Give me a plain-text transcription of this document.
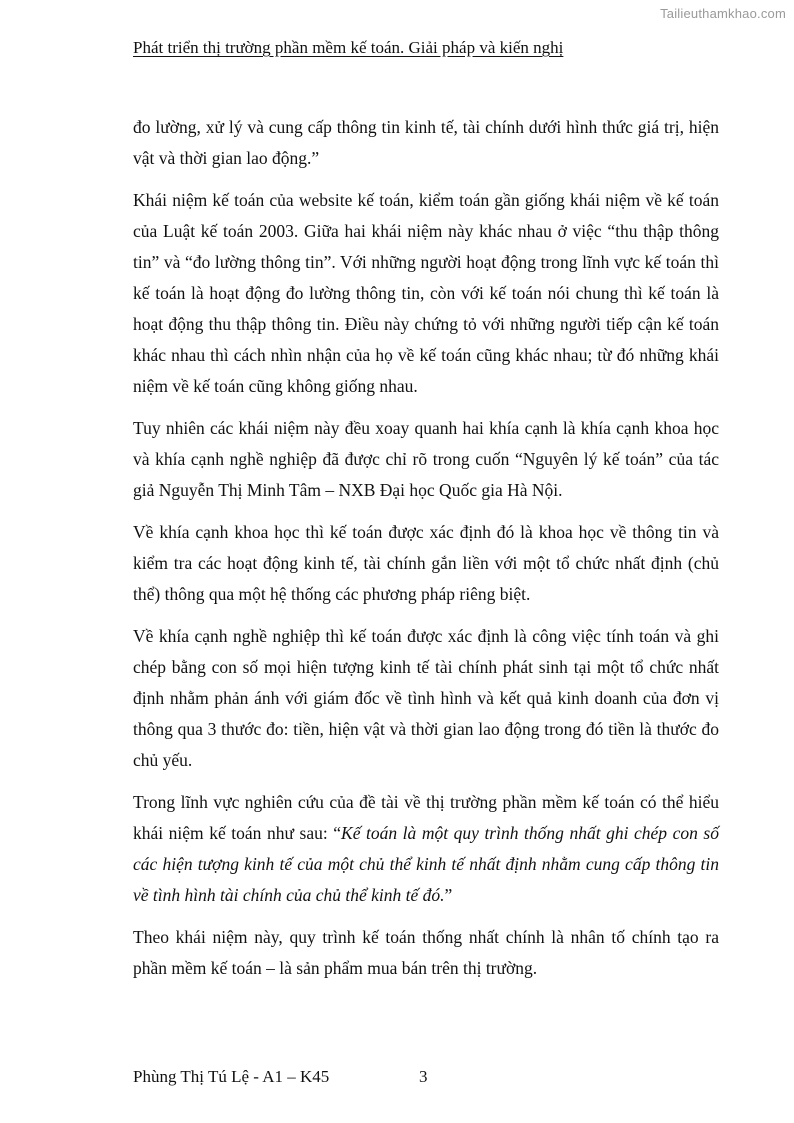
Tailieuthamkhao.com
Phát triển thị trường phần mềm kế toán. Giải pháp và kiến nghị

đo lường, xử lý và cung cấp thông tin kinh tế, tài chính dưới hình thức giá trị, hiện vật và thời gian lao động.”

Khái niệm kế toán của website kế toán, kiểm toán gần giống khái niệm về kế toán của Luật kế toán 2003. Giữa hai khái niệm này khác nhau ở việc “thu thập thông tin” và “đo lường thông tin”. Với những người hoạt động trong lĩnh vực kế toán thì kế toán là hoạt động đo lường thông tin, còn với kế toán nói chung thì kế toán là hoạt động thu thập thông tin. Điều này chứng tỏ với những người tiếp cận kế toán khác nhau thì cách nhìn nhận của họ về kế toán cũng khác nhau; từ đó những khái niệm về kế toán cũng không giống nhau.

Tuy nhiên các khái niệm này đều xoay quanh hai khía cạnh là khía cạnh khoa học và khía cạnh nghề nghiệp đã được chỉ rõ trong cuốn “Nguyên lý kế toán” của tác giả Nguyễn Thị Minh Tâm – NXB Đại học Quốc gia Hà Nội.

Về khía cạnh khoa học thì kế toán được xác định đó là khoa học về thông tin và kiểm tra các hoạt động kinh tế, tài chính gắn liền với một tổ chức nhất định (chủ thể) thông qua một hệ thống các phương pháp riêng biệt.

Về khía cạnh nghề nghiệp thì kế toán được xác định là công việc tính toán và ghi chép bằng con số mọi hiện tượng kinh tế tài chính phát sinh tại một tổ chức nhất định nhằm phản ánh với giám đốc về tình hình và kết quả kinh doanh của đơn vị thông qua 3 thước đo: tiền, hiện vật và thời gian lao động trong đó tiền là thước đo chủ yếu.

Trong lĩnh vực nghiên cứu của đề tài về thị trường phần mềm kế toán có thể hiểu khái niệm kế toán như sau: “Kế toán là một quy trình thống nhất ghi chép con số các hiện tượng kinh tế của một chủ thể kinh tế nhất định nhằm cung cấp thông tin về tình hình tài chính của chủ thể kinh tế đó.”

Theo khái niệm này, quy trình kế toán thống nhất chính là nhân tố chính tạo ra phần mềm kế toán – là sản phẩm mua bán trên thị trường.

Phùng Thị Tú Lệ - A1 – K45	3
